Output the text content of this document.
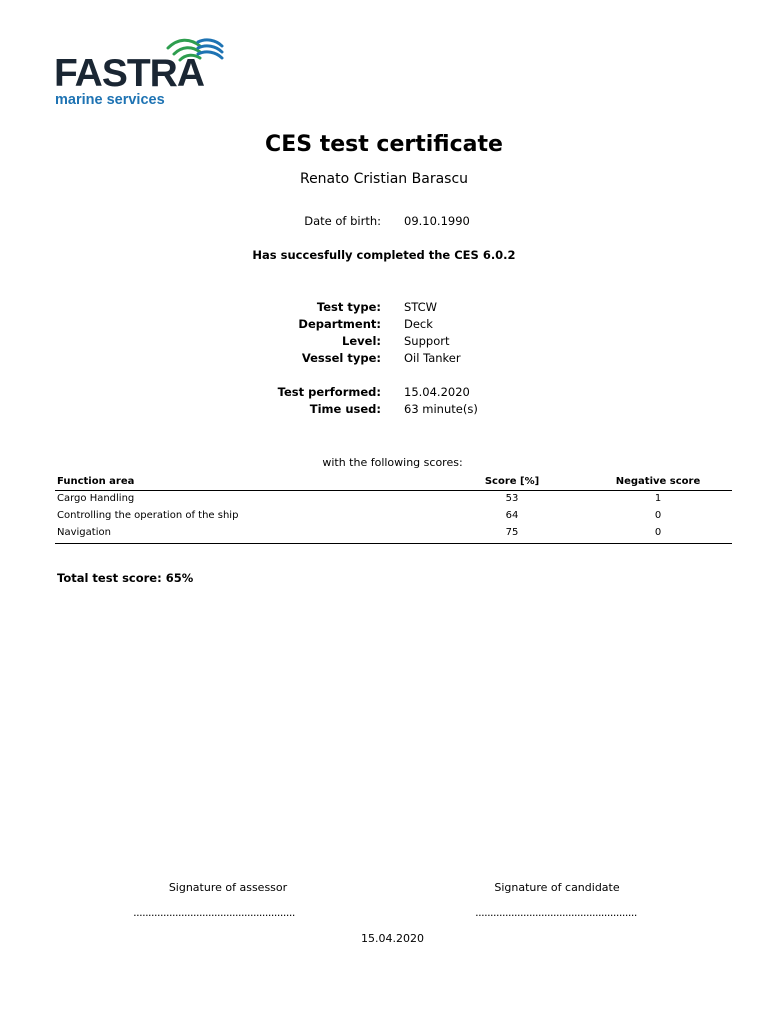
FASTRA
marine services
CES test certificate
Renato Cristian Barascu
Date of birth: 09.10.1990
Has succesfully completed the CES 6.0.2
Test type: STCW
Department: Deck
Level: Support
Vessel type: Oil Tanker
Test performed: 15.04.2020
Time used: 63 minute(s)
with the following scores:
Function area	Score [%]	Negative score
Cargo Handling	53	1
Controlling the operation of the ship	64	0
Navigation	75	0
Total test score: 65%
Signature of assessor	Signature of candidate
......................................................	......................................................
15.04.2020
